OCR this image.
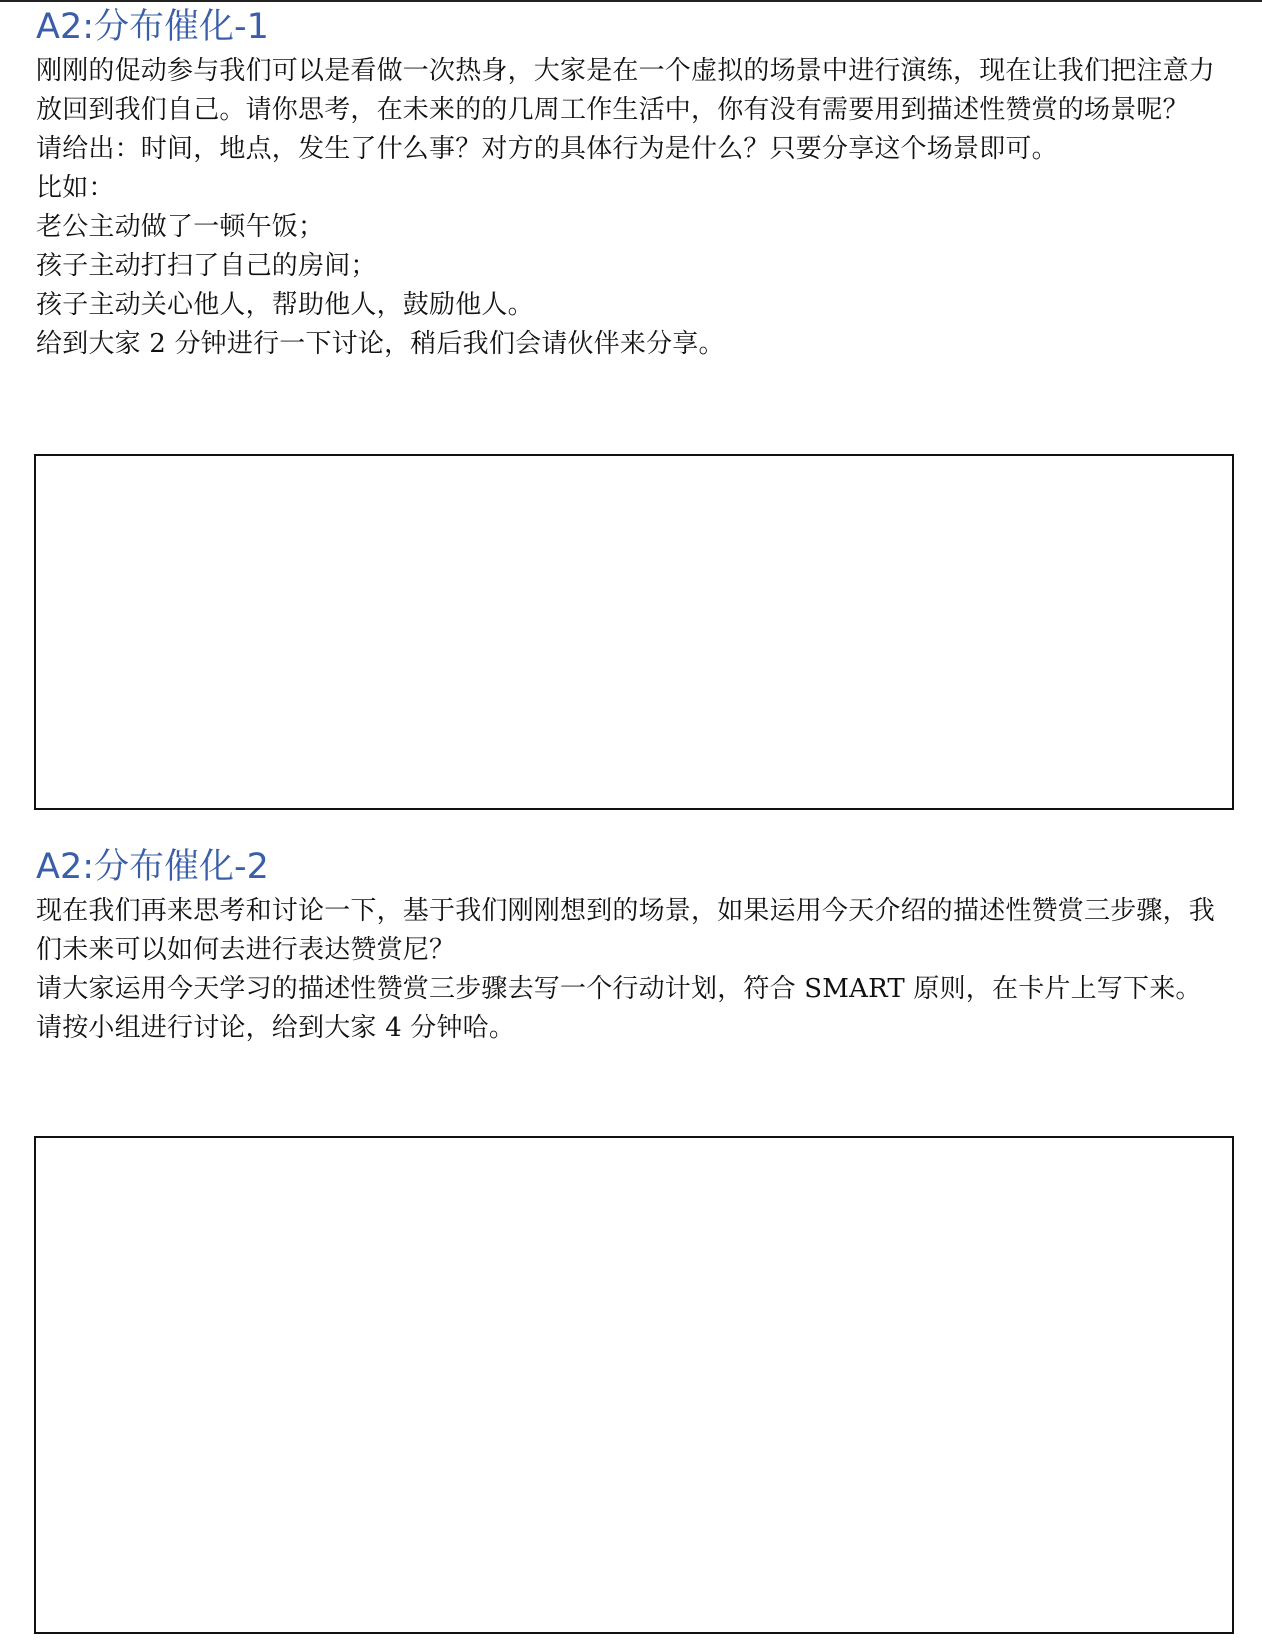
A2:分布催化-1

刚刚的促动参与我们可以是看做一次热身，大家是在一个虚拟的场景中进行演练，现在让我们把注意力放回到我们自己。请你思考，在未来的的几周工作生活中，你有没有需要用到描述性赞赏的场景呢？

请给出：时间，地点，发生了什么事？对方的具体行为是什么？只要分享这个场景即可。

比如：

老公主动做了一顿午饭；

孩子主动打扫了自己的房间；

孩子主动关心他人，帮助他人，鼓励他人。

给到大家 2 分钟进行一下讨论，稍后我们会请伙伴来分享。

A2:分布催化-2

现在我们再来思考和讨论一下，基于我们刚刚想到的场景，如果运用今天介绍的描述性赞赏三步骤，我们未来可以如何去进行表达赞赏尼？

请大家运用今天学习的描述性赞赏三步骤去写一个行动计划，符合 SMART 原则，在卡片上写下来。

请按小组进行讨论，给到大家 4 分钟哈。
